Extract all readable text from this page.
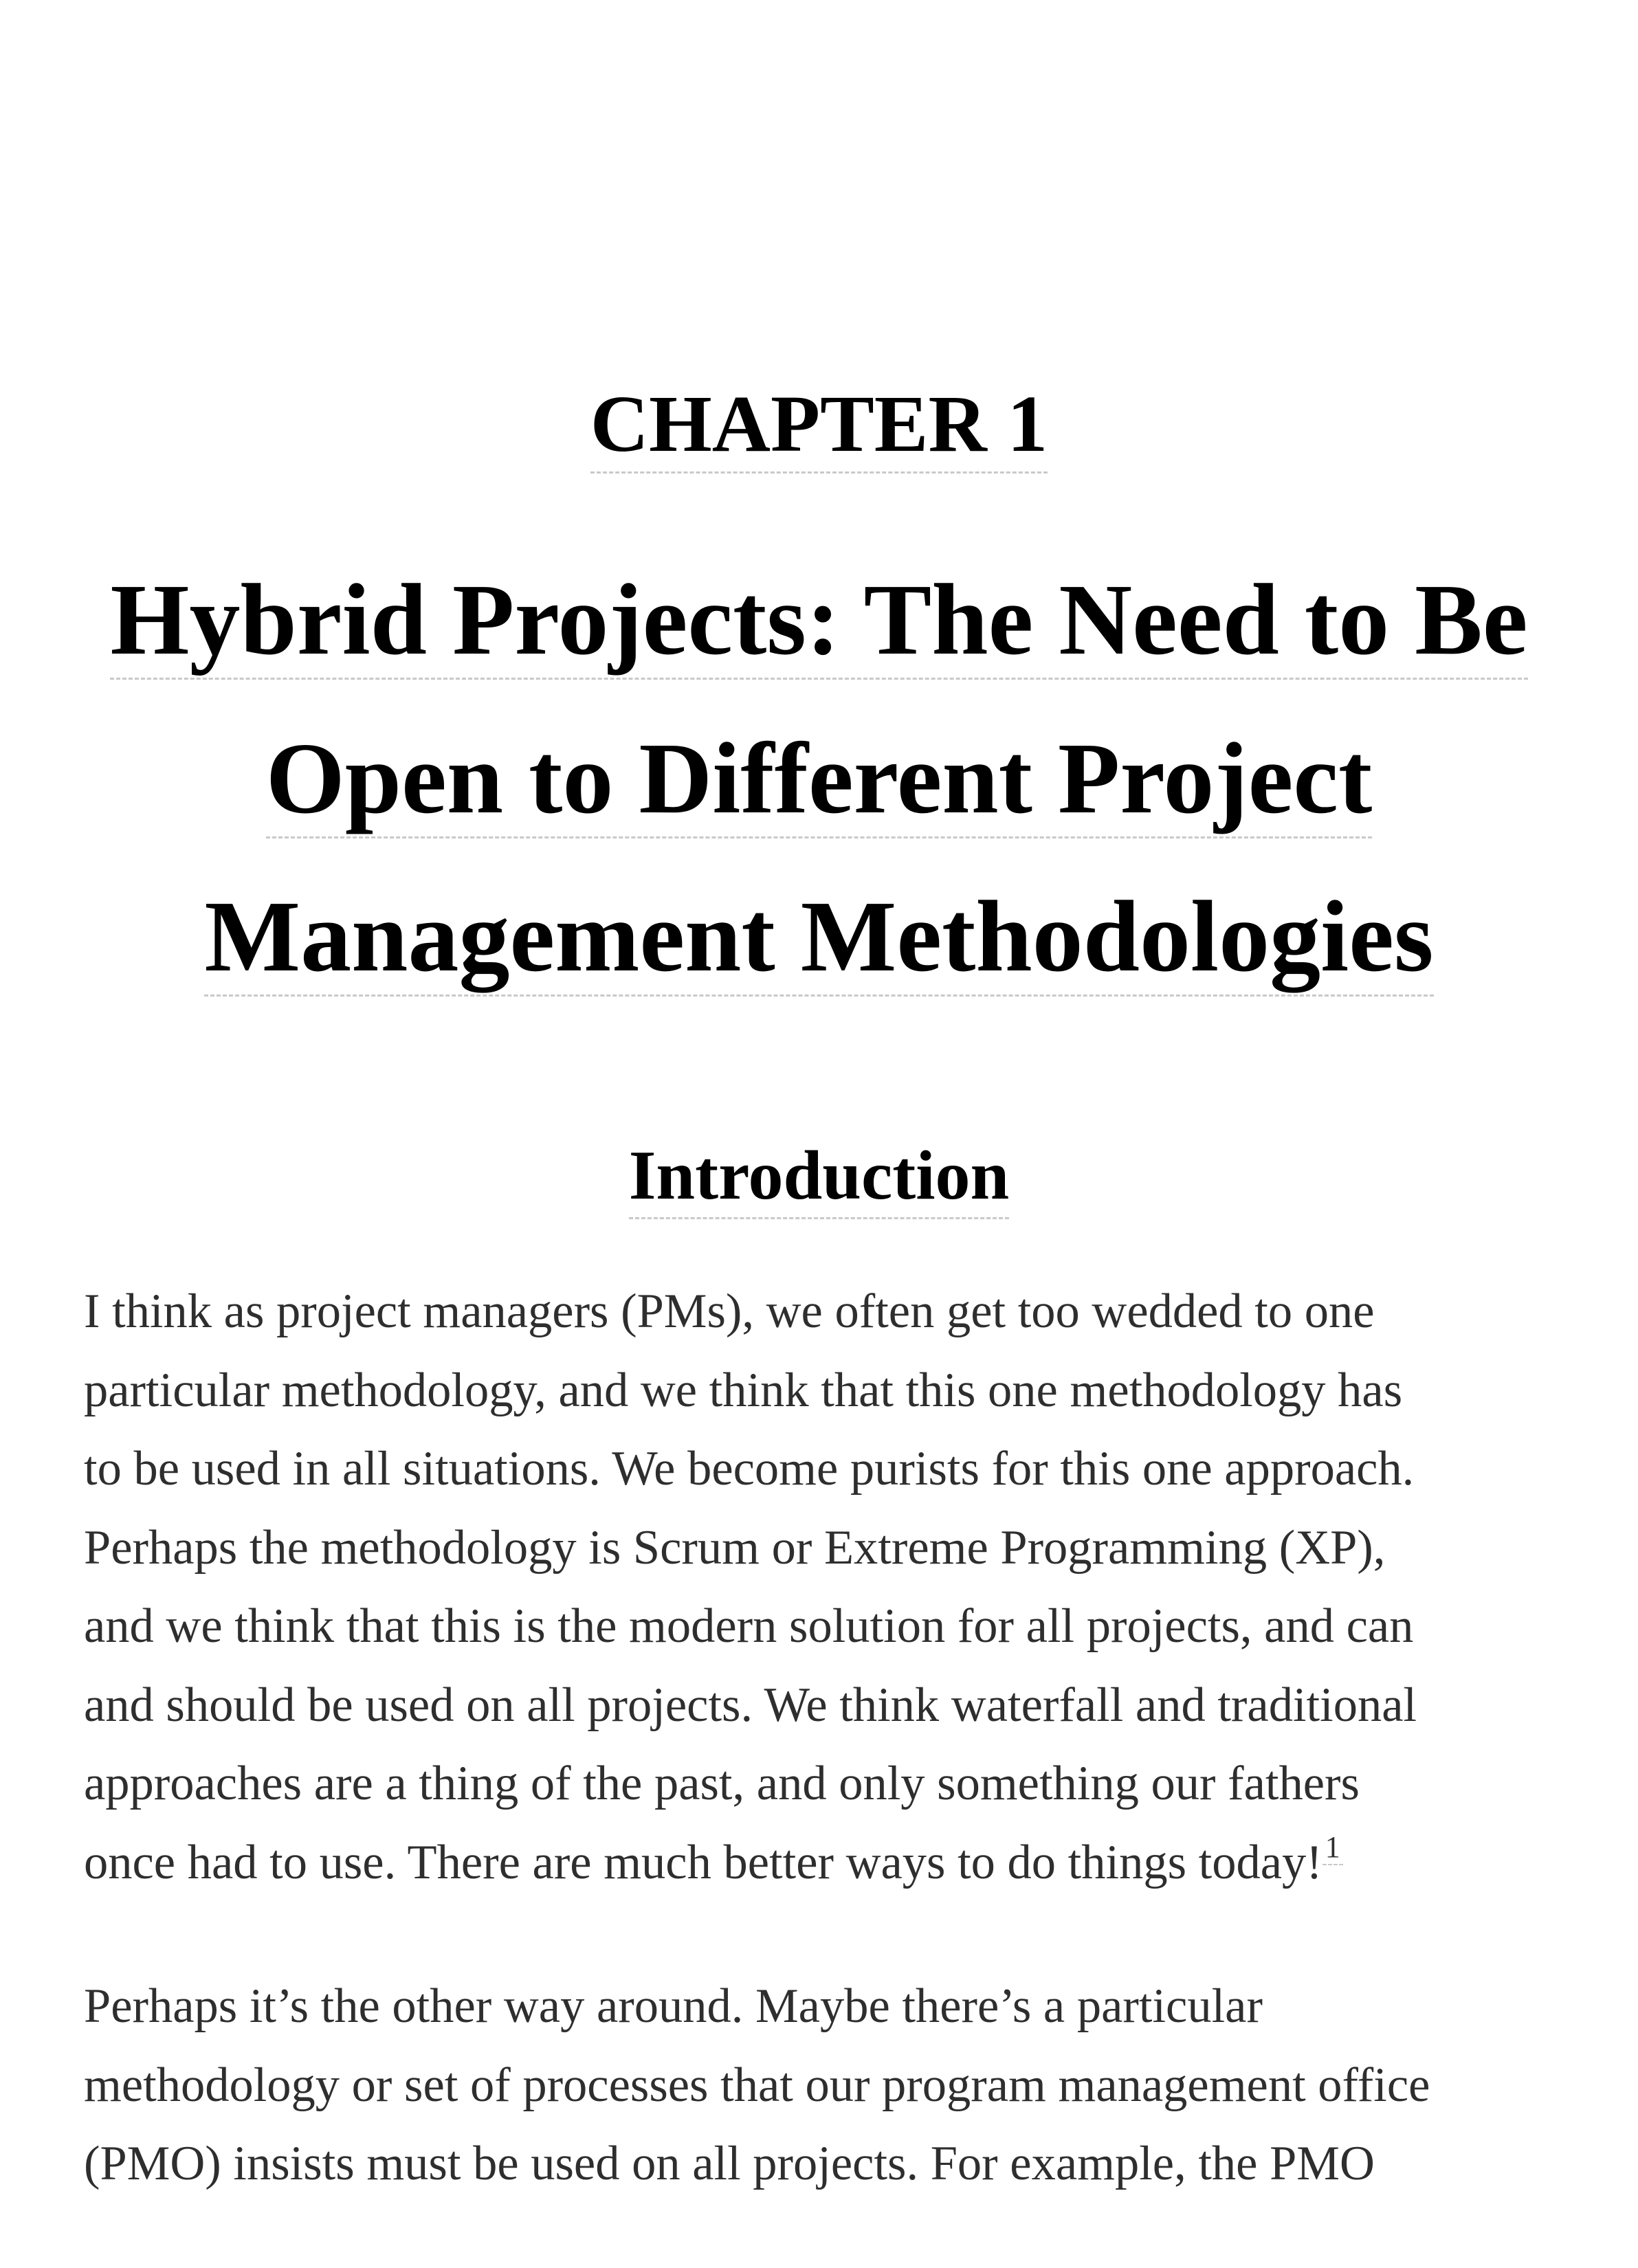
CHAPTER 1
Hybrid Projects: The Need to Be
Open to Different Project
Management Methodologies
Introduction
I think as project managers (PMs), we often get too wedded to one
particular methodology, and we think that this one methodology has
to be used in all situations. We become purists for this one approach.
Perhaps the methodology is Scrum or Extreme Programming (XP),
and we think that this is the modern solution for all projects, and can
and should be used on all projects. We think waterfall and traditional
approaches are a thing of the past, and only something our fathers
once had to use. There are much better ways to do things today!$^1$
Perhaps it’s the other way around. Maybe there’s a particular
methodology or set of processes that our program management office
(PMO) insists must be used on all projects. For example, the PMO
